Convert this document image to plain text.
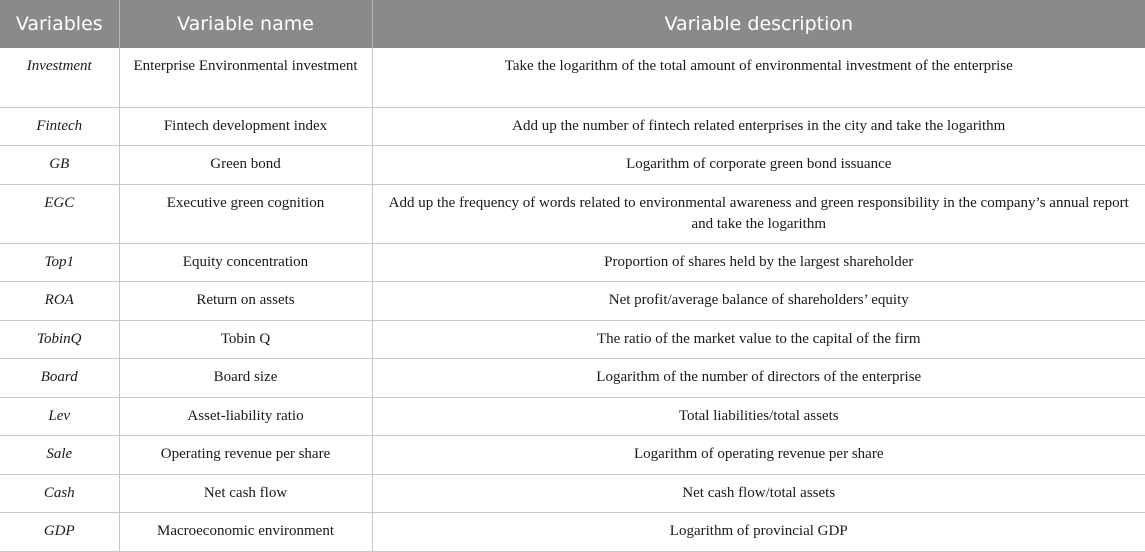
Variables	Variable name	Variable description
Investment	Enterprise Environmental investment	Take the logarithm of the total amount of environmental investment of the enterprise
Fintech	Fintech development index	Add up the number of fintech related enterprises in the city and take the logarithm
GB	Green bond	Logarithm of corporate green bond issuance
EGC	Executive green cognition	Add up the frequency of words related to environmental awareness and green responsibility in the company’s annual report and take the logarithm
Top1	Equity concentration	Proportion of shares held by the largest shareholder
ROA	Return on assets	Net profit/average balance of shareholders’ equity
TobinQ	Tobin Q	The ratio of the market value to the capital of the firm
Board	Board size	Logarithm of the number of directors of the enterprise
Lev	Asset-liability ratio	Total liabilities/total assets
Sale	Operating revenue per share	Logarithm of operating revenue per share
Cash	Net cash flow	Net cash flow/total assets
GDP	Macroeconomic environment	Logarithm of provincial GDP
